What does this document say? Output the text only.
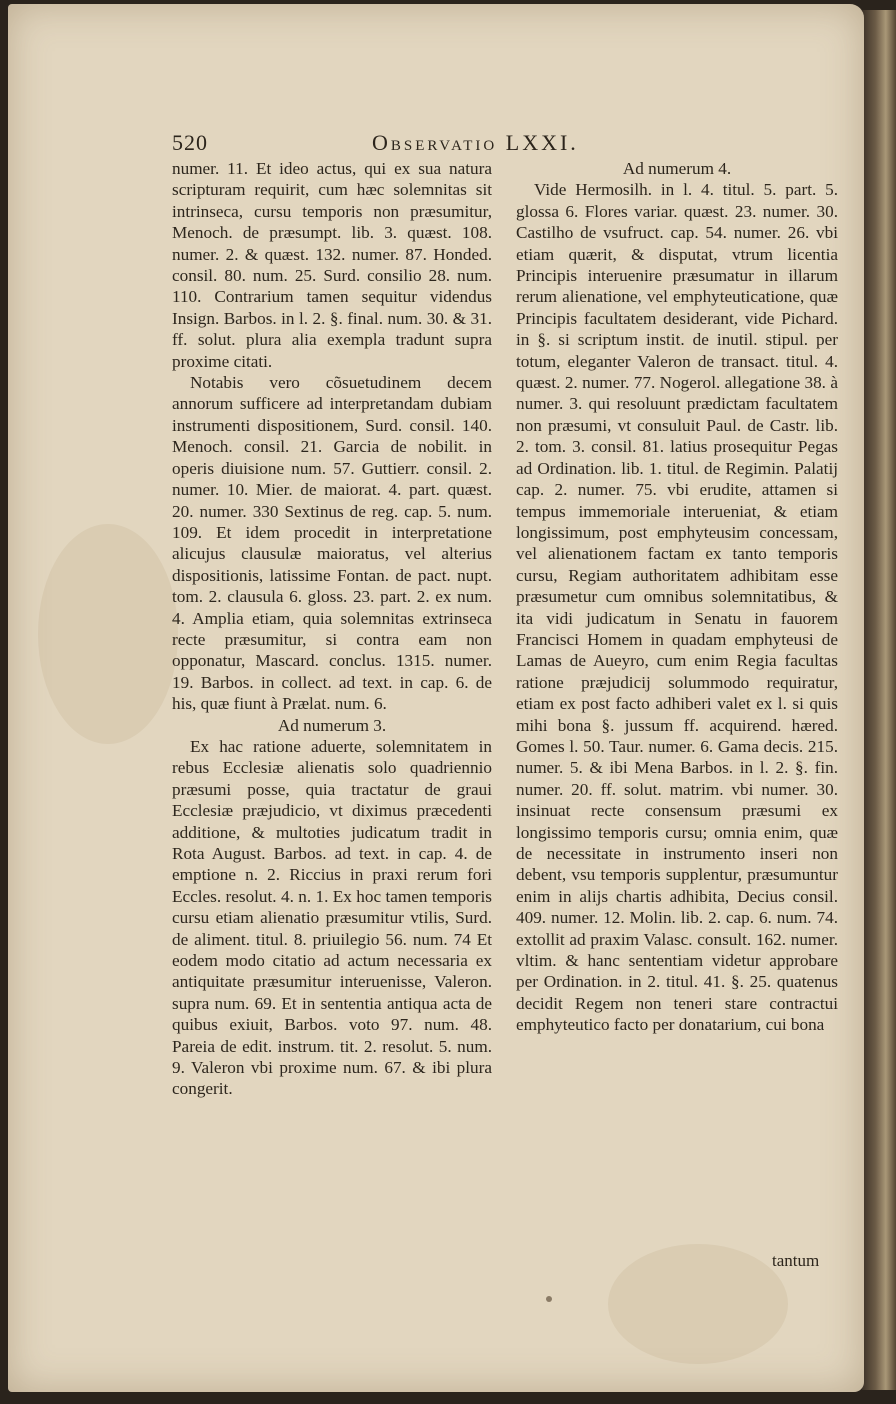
520	Observatio LXXI.

numer. 11. Et ideo actus, qui ex sua natura scripturam requirit, cum hæc solemnitas sit intrinseca, cursu temporis non præsumitur, Menoch. de præsumpt. lib. 3. quæst. 108. numer. 2. & quæst. 132. numer. 87. Honded. consil. 80. num. 25. Surd. consilio 28. num. 110. Contrarium tamen sequitur videndus Insign. Barbos. in l. 2. §. final. num. 30. & 31. ff. solut. plura alia exempla tradunt supra proxime citati.

Notabis vero cõsuetudinem decem annorum sufficere ad interpretandam dubiam instrumenti dispositionem, Surd. consil. 140. Menoch. consil. 21. Garcia de nobilit. in operis diuisione num. 57. Guttierr. consil. 2. numer. 10. Mier. de maiorat. 4. part. quæst. 20. numer. 330 Sextinus de reg. cap. 5. num. 109. Et idem procedit in interpretatione alicujus clausulæ maioratus, vel alterius dispositionis, latissime Fontan. de pact. nupt. tom. 2. clausula 6. gloss. 23. part. 2. ex num. 4. Amplia etiam, quia solemnitas extrinseca recte præsumitur, si contra eam non opponatur, Mascard. conclus. 1315. numer. 19. Barbos. in collect. ad text. in cap. 6. de his, quæ fiunt à Prælat. num. 6.

Ad numerum 3.

Ex hac ratione aduerte, solemnitatem in rebus Ecclesiæ alienatis solo quadriennio præsumi posse, quia tractatur de graui Ecclesiæ præjudicio, vt diximus præcedenti additione, & multoties judicatum tradit in Rota August. Barbos. ad text. in cap. 4. de emptione n. 2. Riccius in praxi rerum fori Eccles. resolut. 4. n. 1. Ex hoc tamen temporis cursu etiam alienatio præsumitur vtilis, Surd. de aliment. titul. 8. priuilegio 56. num. 74 Et eodem modo citatio ad actum necessaria ex antiquitate præsumitur interuenisse, Valeron. supra num. 69. Et in sententia antiqua acta de quibus exiuit, Barbos. voto 97. num. 48. Pareia de edit. instrum. tit. 2. resolut. 5. num. 9. Valeron vbi proxime num. 67. & ibi plura congerit.

Ad numerum 4.

Vide Hermosilh. in l. 4. titul. 5. part. 5. glossa 6. Flores variar. quæst. 23. numer. 30. Castilho de vsufruct. cap. 54. numer. 26. vbi etiam quærit, & disputat, vtrum licentia Principis interuenire præsumatur in illarum rerum alienatione, vel emphyteuticatione, quæ Principis facultatem desiderant, vide Pichard. in §. si scriptum instit. de inutil. stipul. per totum, eleganter Valeron de transact. titul. 4. quæst. 2. numer. 77. Nogerol. allegatione 38. à numer. 3. qui resoluunt prædictam facultatem non præsumi, vt consuluit Paul. de Castr. lib. 2. tom. 3. consil. 81. latius prosequitur Pegas ad Ordination. lib. 1. titul. de Regimin. Palatij cap. 2. numer. 75. vbi erudite, attamen si tempus immemoriale interueniat, & etiam longissimum, post emphyteusim concessam, vel alienationem factam ex tanto temporis cursu, Regiam authoritatem adhibitam esse præsumetur cum omnibus solemnitatibus, & ita vidi judicatum in Senatu in fauorem Francisci Homem in quadam emphyteusi de Lamas de Aueyro, cum enim Regia facultas ratione præjudicij solummodo requiratur, etiam ex post facto adhiberi valet ex l. si quis mihi bona §. jussum ff. acquirend. hæred. Gomes l. 50. Taur. numer. 6. Gama decis. 215. numer. 5. & ibi Mena Barbos. in l. 2. §. fin. numer. 20. ff. solut. matrim. vbi numer. 30. insinuat recte consensum præsumi ex longissimo temporis cursu; omnia enim, quæ de necessitate in instrumento inseri non debent, vsu temporis supplentur, præsumuntur enim in alijs chartis adhibita, Decius consil. 409. numer. 12. Molin. lib. 2. cap. 6. num. 74. extollit ad praxim Valasc. consult. 162. numer. vltim. & hanc sententiam videtur approbare per Ordination. in 2. titul. 41. §. 25. quatenus decidit Regem non teneri stare contractui emphyteutico facto per donatarium, cui bona

tantum
